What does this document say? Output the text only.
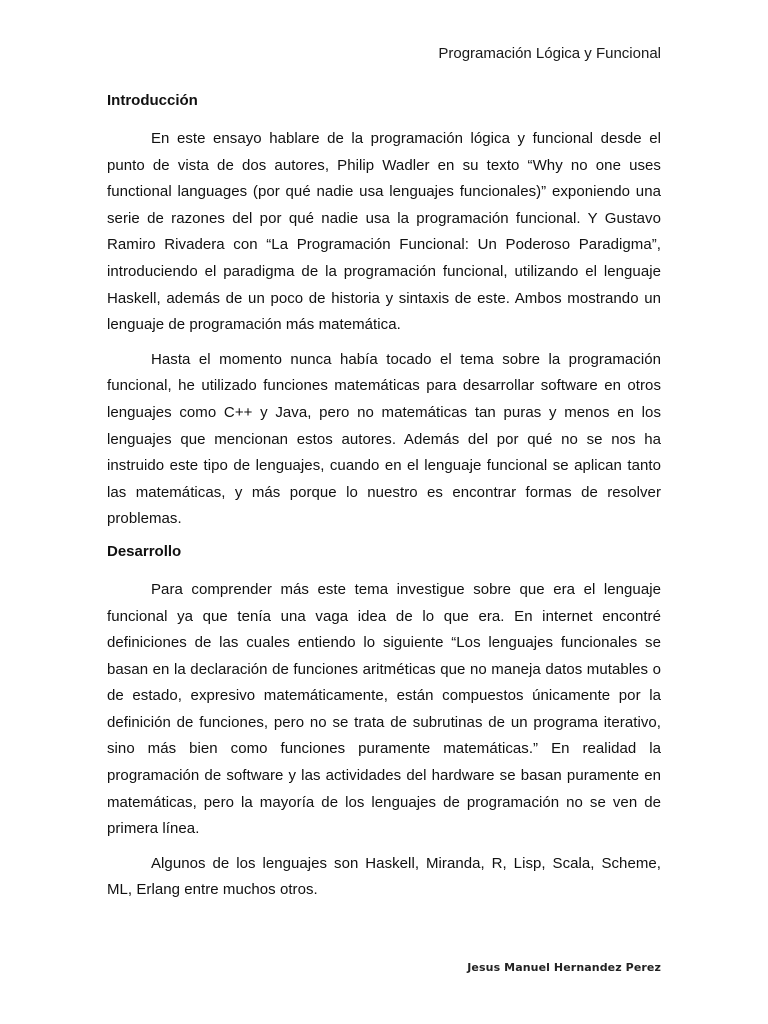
Programación Lógica y Funcional
Introducción

En este ensayo hablare de la programación lógica y funcional desde el punto de vista de dos autores, Philip Wadler en su texto “Why no one uses functional languages (por qué nadie usa lenguajes funcionales)” exponiendo una serie de razones del por qué nadie usa la programación funcional. Y Gustavo Ramiro Rivadera con “La Programación Funcional: Un Poderoso Paradigma”, introduciendo el paradigma de la programación funcional, utilizando el lenguaje Haskell, además de un poco de historia y sintaxis de este. Ambos mostrando un lenguaje de programación más matemática.

Hasta el momento nunca había tocado el tema sobre la programación funcional, he utilizado funciones matemáticas para desarrollar software en otros lenguajes como C++ y Java, pero no matemáticas tan puras y menos en los lenguajes que mencionan estos autores. Además del por qué no se nos ha instruido este tipo de lenguajes, cuando en el lenguaje funcional se aplican tanto las matemáticas, y más porque lo nuestro es encontrar formas de resolver problemas.

Desarrollo

Para comprender más este tema investigue sobre que era el lenguaje funcional ya que tenía una vaga idea de lo que era. En internet encontré definiciones de las cuales entiendo lo siguiente “Los lenguajes funcionales se basan en la declaración de funciones aritméticas que no maneja datos mutables o de estado, expresivo matemáticamente, están compuestos únicamente por la definición de funciones, pero no se trata de subrutinas de un programa iterativo, sino más bien como funciones puramente matemáticas.” En realidad la programación de software y las actividades del hardware se basan puramente en matemáticas, pero la mayoría de los lenguajes de programación no se ven de primera línea.

Algunos de los lenguajes son Haskell, Miranda, R, Lisp, Scala, Scheme, ML, Erlang entre muchos otros.

Jesus Manuel Hernandez Perez
